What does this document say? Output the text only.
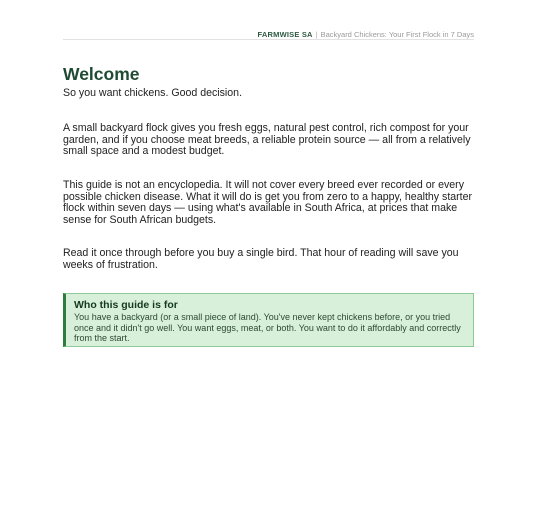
FARMWISE SA | Backyard Chickens: Your First Flock in 7 Days
Welcome

So you want chickens. Good decision.

A small backyard flock gives you fresh eggs, natural pest control, rich compost for your garden, and if you choose meat breeds, a reliable protein source — all from a relatively small space and a modest budget.

This guide is not an encyclopedia. It will not cover every breed ever recorded or every possible chicken disease. What it will do is get you from zero to a happy, healthy starter flock within seven days — using what's available in South Africa, at prices that make sense for South African budgets.

Read it once through before you buy a single bird. That hour of reading will save you weeks of frustration.

Who this guide is for

You have a backyard (or a small piece of land). You've never kept chickens before, or you tried once and it didn't go well. You want eggs, meat, or both. You want to do it affordably and correctly from the start.
